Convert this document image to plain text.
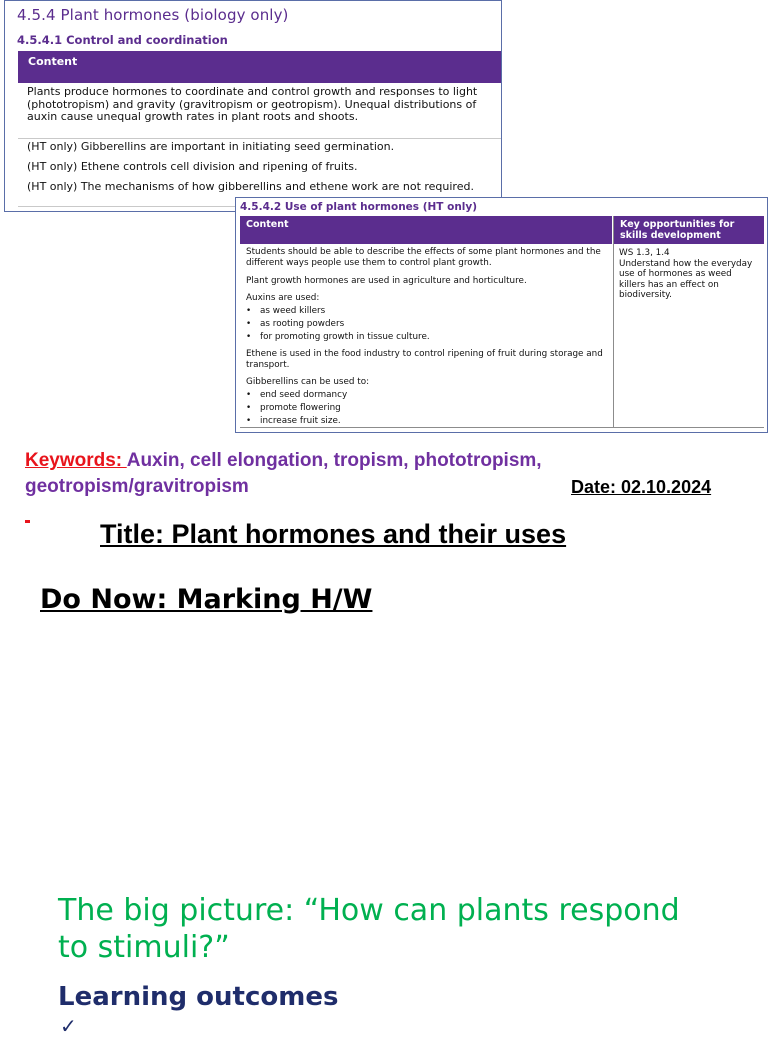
4.5.4 Plant hormones (biology only)
4.5.4.1 Control and coordination
Content
Plants produce hormones to coordinate and control growth and responses to light (phototropism) and gravity (gravitropism or geotropism). Unequal distributions of auxin cause unequal growth rates in plant roots and shoots.
(HT only) Gibberellins are important in initiating seed germination.
(HT only) Ethene controls cell division and ripening of fruits.
(HT only) The mechanisms of how gibberellins and ethene work are not required.
4.5.4.2 Use of plant hormones (HT only)
Content	Key opportunities for skills development
Students should be able to describe the effects of some plant hormones and the different ways people use them to control plant growth.
Plant growth hormones are used in agriculture and horticulture.
Auxins are used:
• as weed killers
• as rooting powders
• for promoting growth in tissue culture.
Ethene is used in the food industry to control ripening of fruit during storage and transport.
Gibberellins can be used to:
• end seed dormancy
• promote flowering
• increase fruit size.
WS 1.3, 1.4
Understand how the everyday use of hormones as weed killers has an effect on biodiversity.
Keywords: Auxin, cell elongation, tropism, phototropism, geotropism/gravitropism	Date: 02.10.2024
Title: Plant hormones and their uses
Do Now: Marking H/W
The big picture: “How can plants respond to stimuli?”
Learning outcomes
✓
